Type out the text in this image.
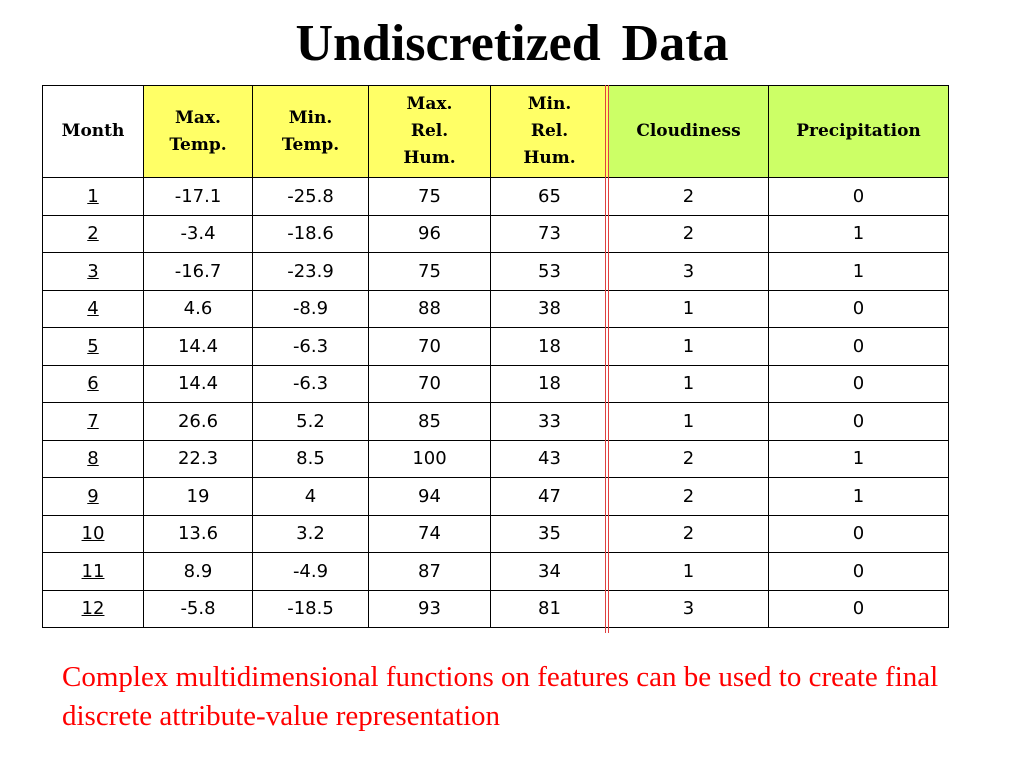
Undiscretized Data
Month	Max. Temp.	Min. Temp.	Max. Rel. Hum.	Min. Rel. Hum.	Cloudiness	Precipitation
1	-17.1	-25.8	75	65	2	0
2	-3.4	-18.6	96	73	2	1
3	-16.7	-23.9	75	53	3	1
4	4.6	-8.9	88	38	1	0
5	14.4	-6.3	70	18	1	0
6	14.4	-6.3	70	18	1	0
7	26.6	5.2	85	33	1	0
8	22.3	8.5	100	43	2	1
9	19	4	94	47	2	1
10	13.6	3.2	74	35	2	0
11	8.9	-4.9	87	34	1	0
12	-5.8	-18.5	93	81	3	0

Complex multidimensional functions on features can be used to create final discrete attribute-value representation
